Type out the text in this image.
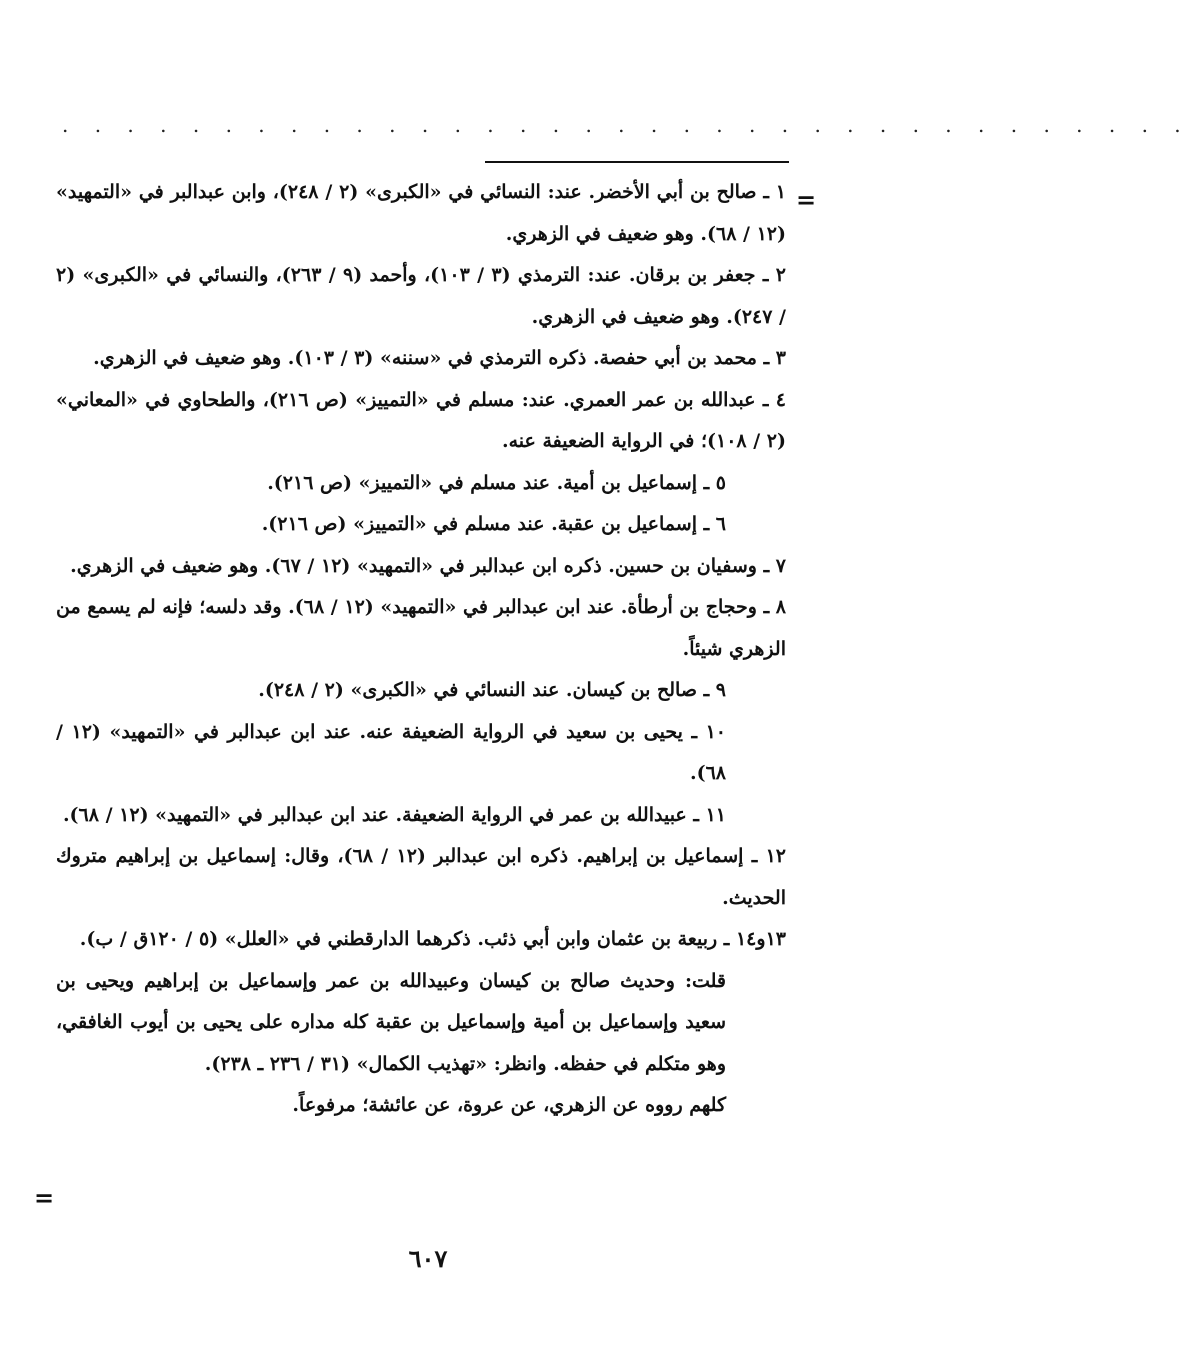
. . . . . . . . . . . . . . . . . . . . . . . . . . . . . . . . . . .
=

١ ـ صالح بن أبي الأخضر. عند: النسائي في «الكبرى» (٢ / ٢٤٨)، وابن عبدالبر في «التمهيد» (١٢ / ٦٨). وهو ضعيف في الزهري.

٢ ـ جعفر بن برقان. عند: الترمذي (٣ / ١٠٣)، وأحمد (٩ / ٢٦٣)، والنسائي في «الكبرى» (٢ / ٢٤٧). وهو ضعيف في الزهري.

٣ ـ محمد بن أبي حفصة. ذكره الترمذي في «سننه» (٣ / ١٠٣). وهو ضعيف في الزهري.

٤ ـ عبدالله بن عمر العمري. عند: مسلم في «التمييز» (ص ٢١٦)، والطحاوي في «المعاني» (٢ / ١٠٨)؛ في الرواية الضعيفة عنه.

٥ ـ إسماعيل بن أمية. عند مسلم في «التمييز» (ص ٢١٦).

٦ ـ إسماعيل بن عقبة. عند مسلم في «التمييز» (ص ٢١٦).

٧ ـ وسفيان بن حسين. ذكره ابن عبدالبر في «التمهيد» (١٢ / ٦٧). وهو ضعيف في الزهري.

٨ ـ وحجاج بن أرطأة. عند ابن عبدالبر في «التمهيد» (١٢ / ٦٨). وقد دلسه؛ فإنه لم يسمع من الزهري شيئاً.

٩ ـ صالح بن كيسان. عند النسائي في «الكبرى» (٢ / ٢٤٨).

١٠ ـ يحيى بن سعيد في الرواية الضعيفة عنه. عند ابن عبدالبر في «التمهيد» (١٢ / ٦٨).

١١ ـ عبيدالله بن عمر في الرواية الضعيفة. عند ابن عبدالبر في «التمهيد» (١٢ / ٦٨).

١٢ ـ إسماعيل بن إبراهيم. ذكره ابن عبدالبر (١٢ / ٦٨)، وقال: إسماعيل بن إبراهيم متروك الحديث.

١٣و١٤ ـ ربيعة بن عثمان وابن أبي ذئب. ذكرهما الدارقطني في «العلل» (٥ / ١٢٠ق / ب).

قلت: وحديث صالح بن كيسان وعبيدالله بن عمر وإسماعيل بن إبراهيم ويحيى بن سعيد وإسماعيل بن أمية وإسماعيل بن عقبة كله مداره على يحيى بن أيوب الغافقي، وهو متكلم في حفظه. وانظر: «تهذيب الكمال» (٣١ / ٢٣٦ ـ ٢٣٨).

كلهم رووه عن الزهري، عن عروة، عن عائشة؛ مرفوعاً.

=
٦٠٧
